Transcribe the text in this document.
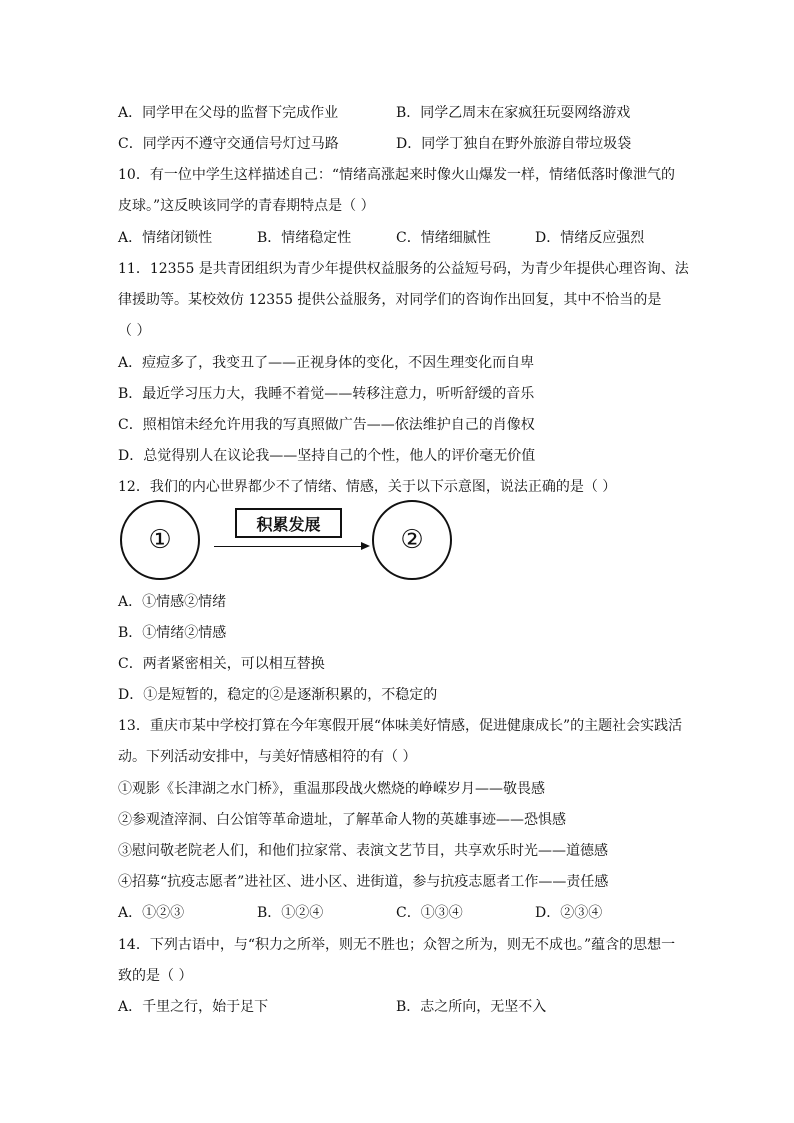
A．同学甲在父母的监督下完成作业	B．同学乙周末在家疯狂玩耍网络游戏
C．同学丙不遵守交通信号灯过马路	D．同学丁独自在野外旅游自带垃圾袋
10．有一位中学生这样描述自己：“情绪高涨起来时像火山爆发一样，情绪低落时像泄气的
皮球。”这反映该同学的青春期特点是（ ）
A．情绪闭锁性	B．情绪稳定性	C．情绪细腻性	D．情绪反应强烈
11．12355 是共青团组织为青少年提供权益服务的公益短号码，为青少年提供心理咨询、法
律援助等。某校效仿 12355 提供公益服务，对同学们的咨询作出回复，其中不恰当的是
（ ）
A．痘痘多了，我变丑了——正视身体的变化，不因生理变化而自卑
B．最近学习压力大，我睡不着觉——转移注意力，听听舒缓的音乐
C．照相馆未经允许用我的写真照做广告——依法维护自己的肖像权
D．总觉得别人在议论我——坚持自己的个性，他人的评价毫无价值
12．我们的内心世界都少不了情绪、情感，关于以下示意图，说法正确的是（ ）
①
积累发展
②
A．①情感②情绪
B．①情绪②情感
C．两者紧密相关，可以相互替换
D．①是短暂的，稳定的②是逐渐积累的，不稳定的
13．重庆市某中学校打算在今年寒假开展“体味美好情感，促进健康成长”的主题社会实践活
动。下列活动安排中，与美好情感相符的有（ ）
①观影《长津湖之水门桥》，重温那段战火燃烧的峥嵘岁月——敬畏感
②参观渣滓洞、白公馆等革命遗址，了解革命人物的英雄事迹——恐惧感
③慰问敬老院老人们，和他们拉家常、表演文艺节目，共享欢乐时光——道德感
④招募“抗疫志愿者”进社区、进小区、进街道，参与抗疫志愿者工作——责任感
A．①②③	B．①②④	C．①③④	D．②③④
14．下列古语中，与“积力之所举，则无不胜也；众智之所为，则无不成也。”蕴含的思想一
致的是（ ）
A．千里之行，始于足下	B．志之所向，无坚不入
